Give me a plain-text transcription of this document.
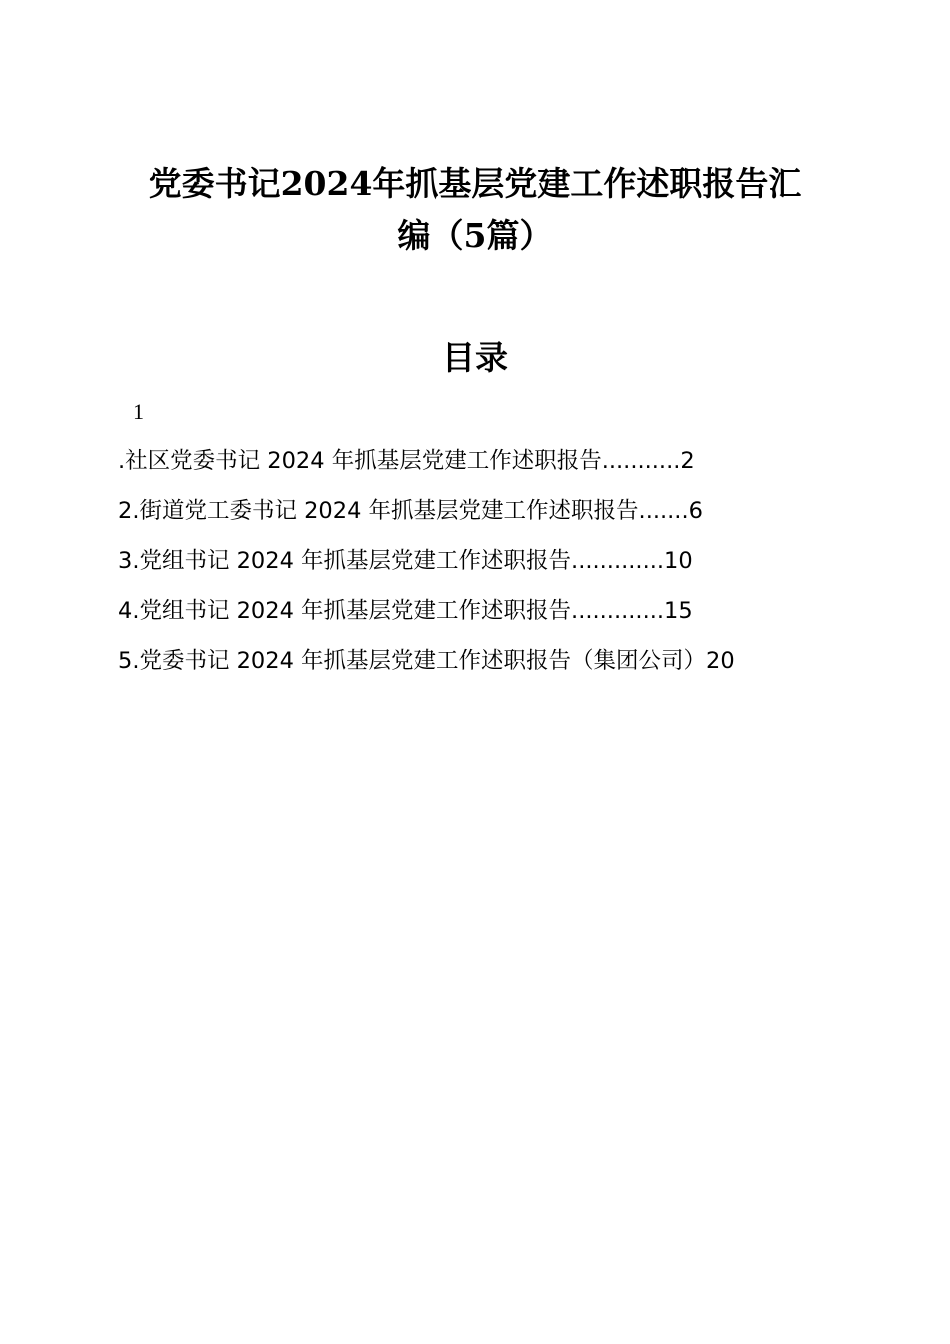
党委书记2024年抓基层党建工作述职报告汇
编（5篇）
目录
1
.社区党委书记 2024 年抓基层党建工作述职报告...........2
2.街道党工委书记 2024 年抓基层党建工作述职报告.......6
3.党组书记 2024 年抓基层党建工作述职报告.............10
4.党组书记 2024 年抓基层党建工作述职报告.............15
5.党委书记 2024 年抓基层党建工作述职报告（集团公司）20
